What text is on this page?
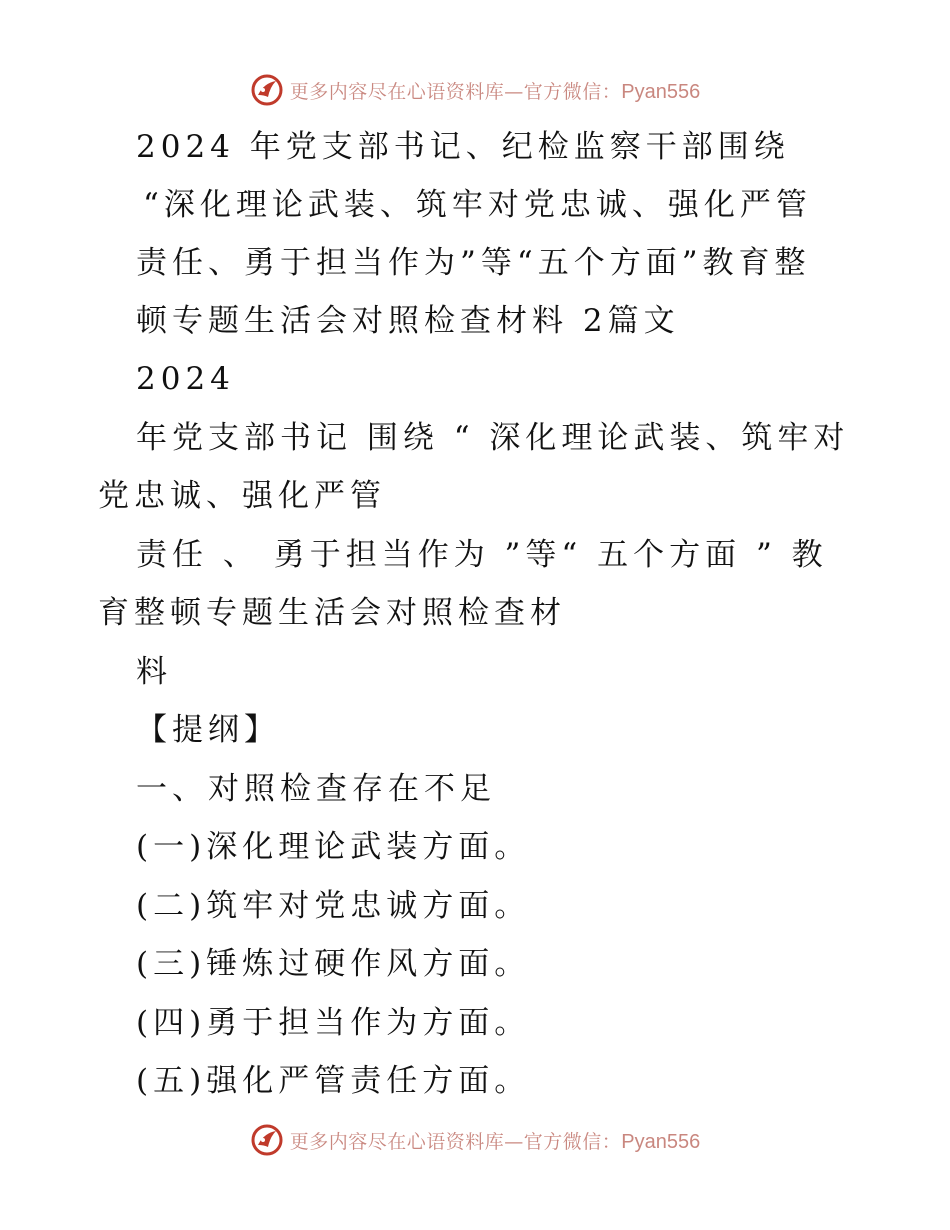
更多内容尽在心语资料库—官方微信：Pyan556
2024 年党支部书记、纪检监察干部围绕
“深化理论武装、筑牢对党忠诚、强化严管
责任、勇于担当作为”等“五个方面”教育整
顿专题生活会对照检查材料 2篇文
2024
年党支部书记 围绕 “ 深化理论武装、筑牢对
党忠诚、强化严管
责任 、 勇于担当作为 ”等“ 五个方面 ” 教
育整顿专题生活会对照检查材
料
【提纲】
一、对照检查存在不足
(一)深化理论武装方面。
(二)筑牢对党忠诚方面。
(三)锤炼过硬作风方面。
(四)勇于担当作为方面。
(五)强化严管责任方面。
更多内容尽在心语资料库—官方微信：Pyan556
